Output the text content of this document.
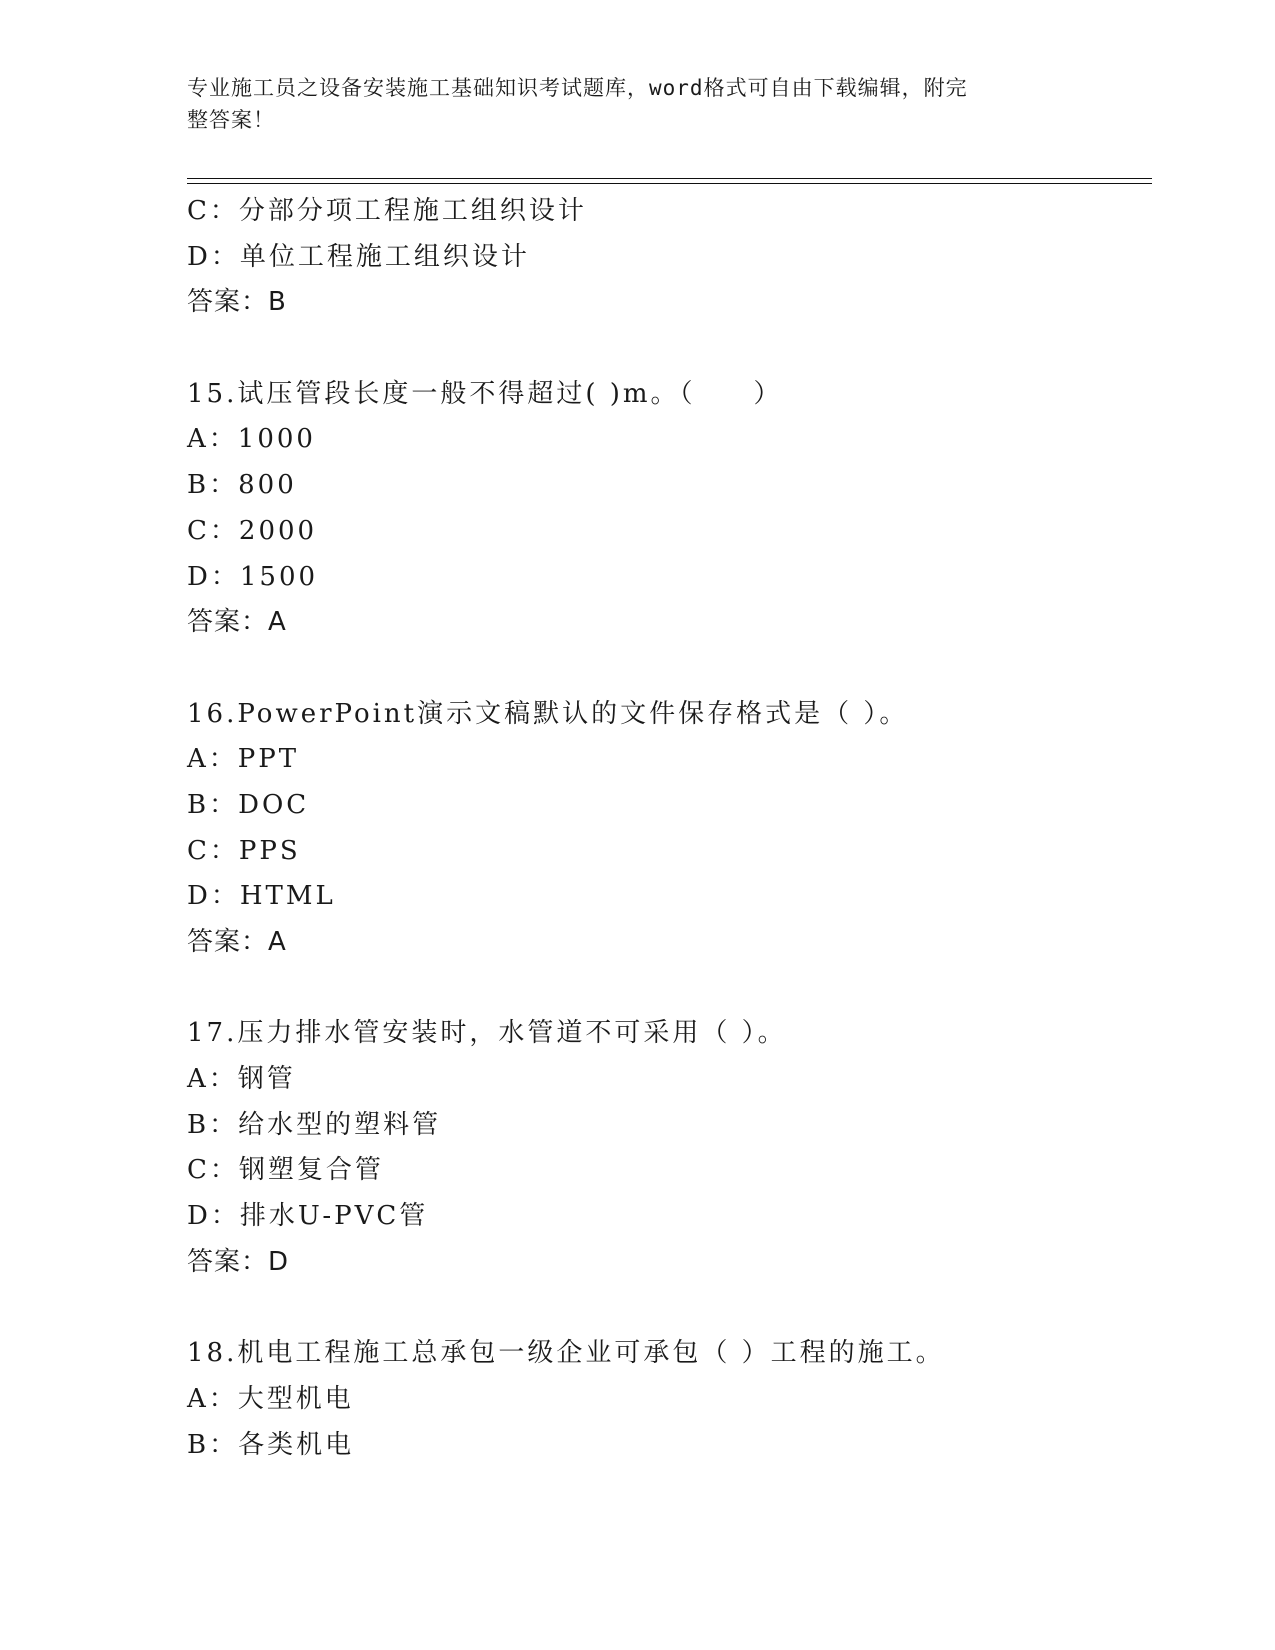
专业施工员之设备安装施工基础知识考试题库，word格式可自由下载编辑，附完
整答案！
C：分部分项工程施工组织设计
D：单位工程施工组织设计
答案：B
15.试压管段长度一般不得超过( )m。（　　）
A：1000
B：800
C：2000
D：1500
答案：A
16.PowerPoint演示文稿默认的文件保存格式是（ ）。
A：PPT
B：DOC
C：PPS
D：HTML
答案：A
17.压力排水管安装时，水管道不可采用（ ）。
A：钢管
B：给水型的塑料管
C：钢塑复合管
D：排水U-PVC管
答案：D
18.机电工程施工总承包一级企业可承包（ ）工程的施工。
A：大型机电
B：各类机电
